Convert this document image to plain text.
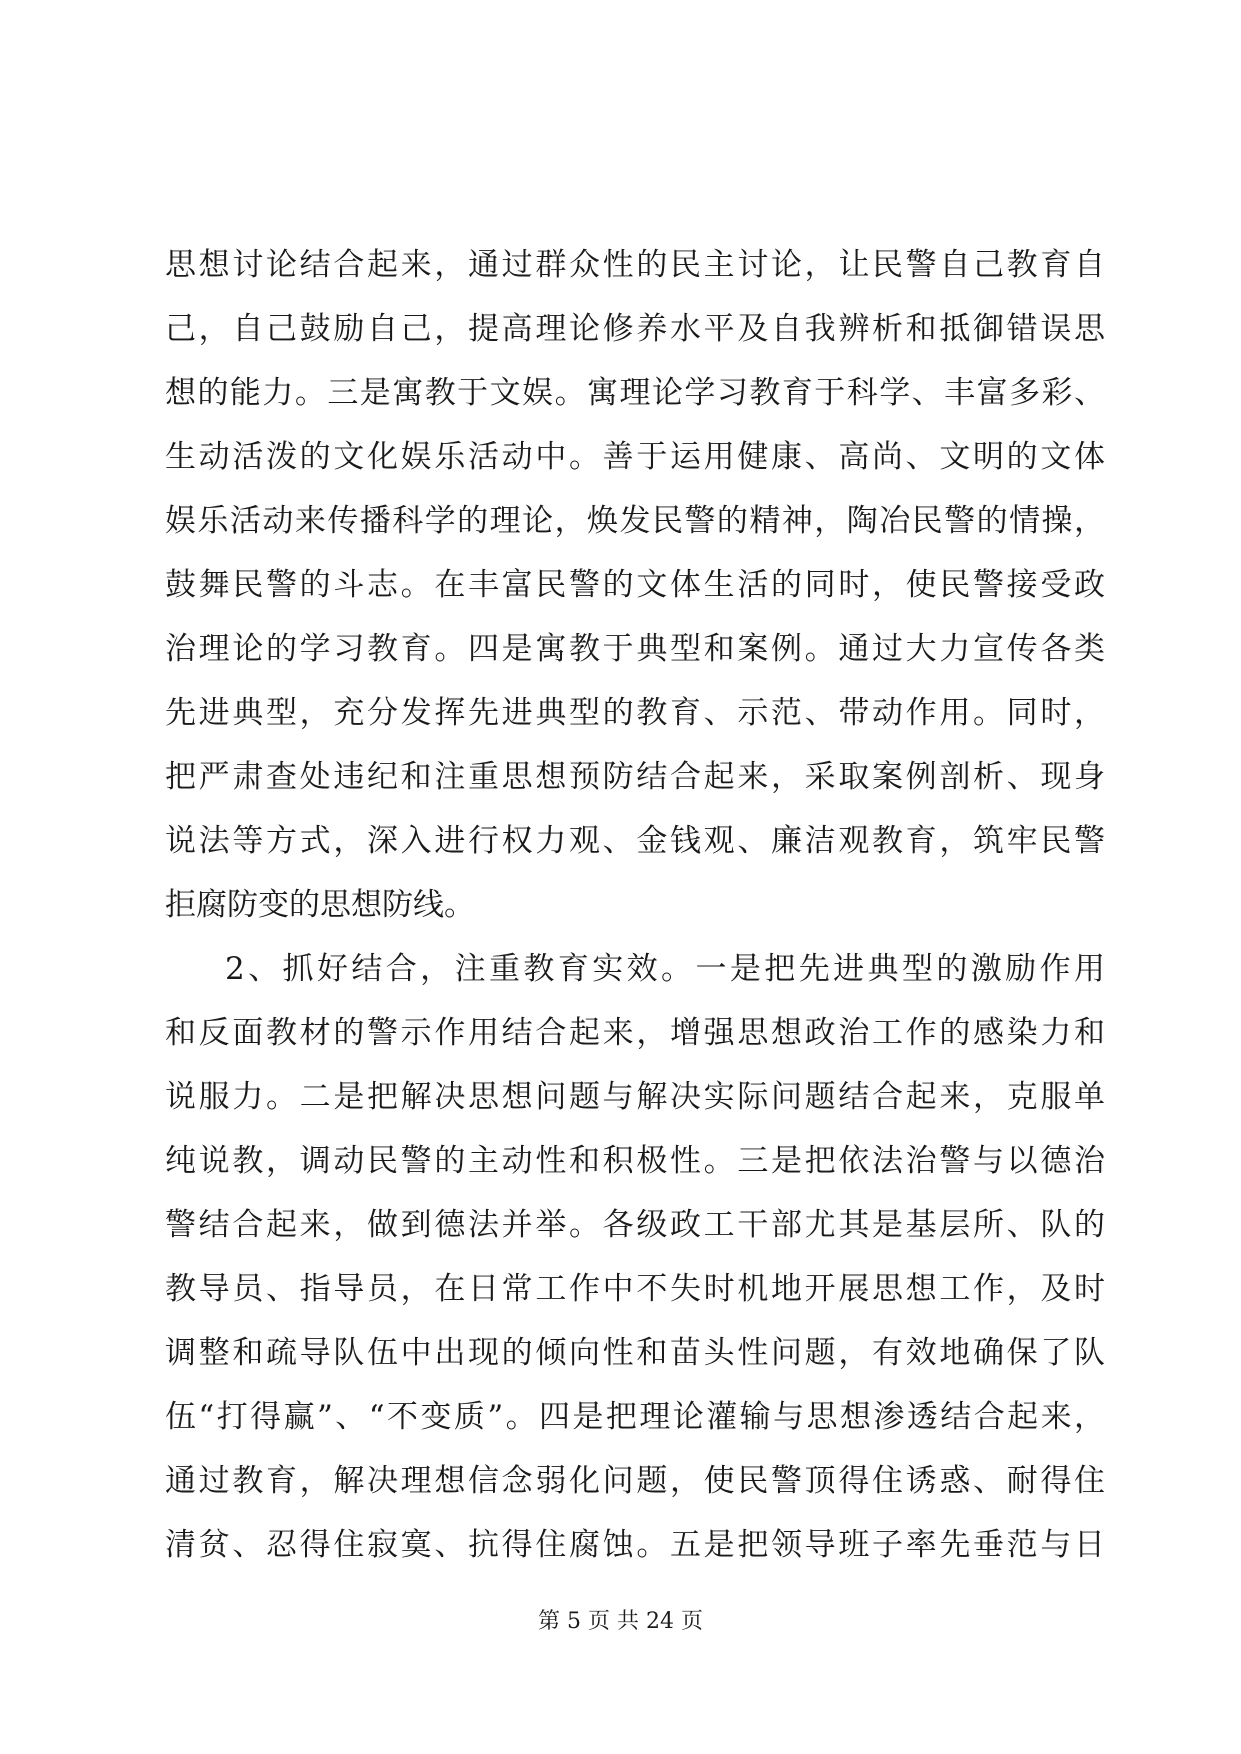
思想讨论结合起来，通过群众性的民主讨论，让民警自己教育自
己，自己鼓励自己，提高理论修养水平及自我辨析和抵御错误思
想的能力。三是寓教于文娱。寓理论学习教育于科学、丰富多彩、
生动活泼的文化娱乐活动中。善于运用健康、高尚、文明的文体
娱乐活动来传播科学的理论，焕发民警的精神，陶冶民警的情操，
鼓舞民警的斗志。在丰富民警的文体生活的同时，使民警接受政
治理论的学习教育。四是寓教于典型和案例。通过大力宣传各类
先进典型，充分发挥先进典型的教育、示范、带动作用。同时，
把严肃查处违纪和注重思想预防结合起来，采取案例剖析、现身
说法等方式，深入进行权力观、金钱观、廉洁观教育，筑牢民警
拒腐防变的思想防线。
2、抓好结合，注重教育实效。一是把先进典型的激励作用
和反面教材的警示作用结合起来，增强思想政治工作的感染力和
说服力。二是把解决思想问题与解决实际问题结合起来，克服单
纯说教，调动民警的主动性和积极性。三是把依法治警与以德治
警结合起来，做到德法并举。各级政工干部尤其是基层所、队的
教导员、指导员，在日常工作中不失时机地开展思想工作，及时
调整和疏导队伍中出现的倾向性和苗头性问题，有效地确保了队
伍“打得赢”、“不变质”。四是把理论灌输与思想渗透结合起来，
通过教育，解决理想信念弱化问题，使民警顶得住诱惑、耐得住
清贫、忍得住寂寞、抗得住腐蚀。五是把领导班子率先垂范与日
第 5 页 共 24 页
